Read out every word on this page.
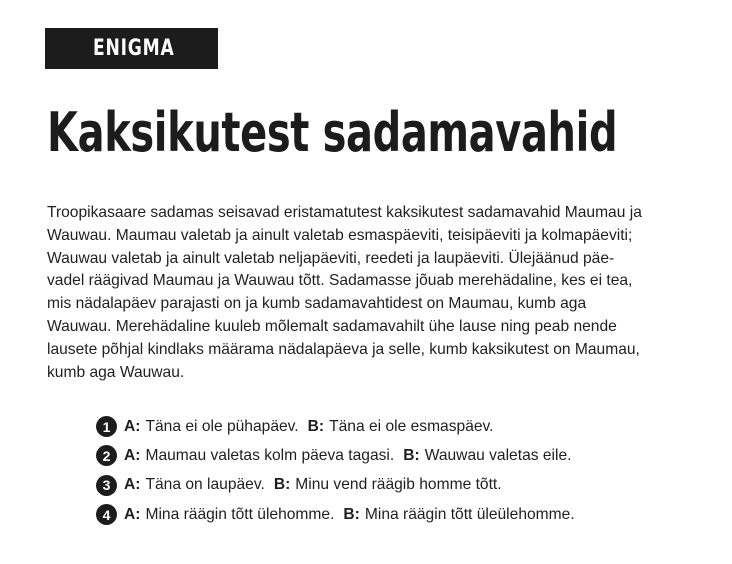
ENIGMA
Kaksikutest sadamavahid

Troopikasaare sadamas seisavad eristamatutest kaksikutest sadamavahid Maumau ja
Wauwau. Maumau valetab ja ainult valetab esmaspäeviti, teisipäeviti ja kolmapäeviti;
Wauwau valetab ja ainult valetab neljapäeviti, reedeti ja laupäeviti. Ülejäänud päe-
vadel räägivad Maumau ja Wauwau tõtt. Sadamasse jõuab merehädaline, kes ei tea,
mis nädalapäev parajasti on ja kumb sadamavahtidest on Maumau, kumb aga
Wauwau. Merehädaline kuuleb mõlemalt sadamavahilt ühe lause ning peab nende
lausete põhjal kindlaks määrama nädalapäeva ja selle, kumb kaksikutest on Maumau,
kumb aga Wauwau.

1 A: Täna ei ole pühapäev. B: Täna ei ole esmaspäev.
2 A: Maumau valetas kolm päeva tagasi. B: Wauwau valetas eile.
3 A: Täna on laupäev. B: Minu vend räägib homme tõtt.
4 A: Mina räägin tõtt ülehomme. B: Mina räägin tõtt üleülehomme.
